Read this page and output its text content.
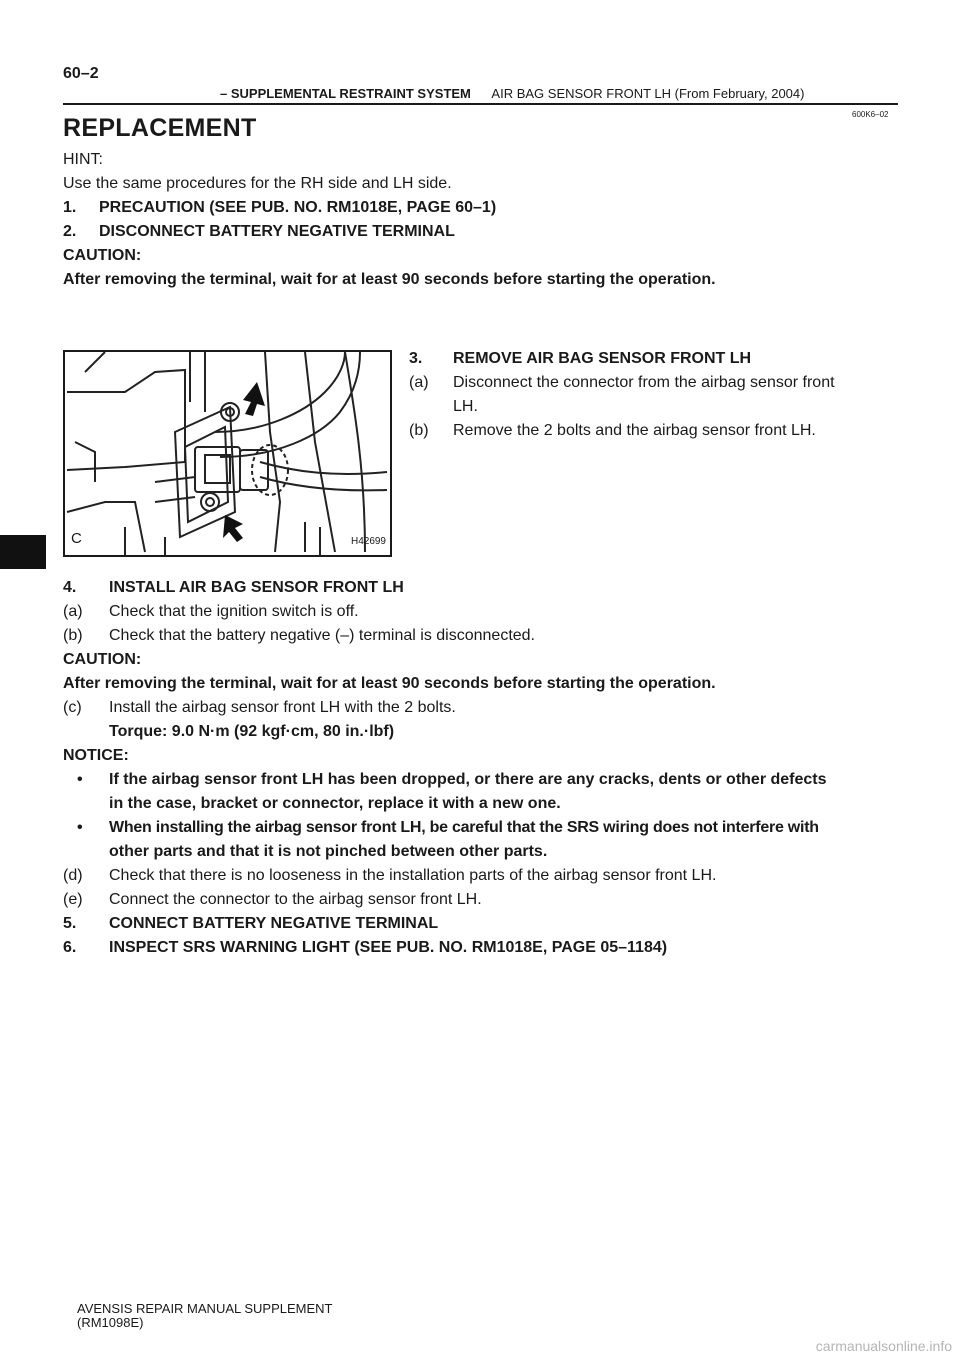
60–2
– SUPPLEMENTAL RESTRAINT SYSTEM AIR BAG SENSOR FRONT LH (From February, 2004)
600K6–02
REPLACEMENT
HINT:
Use the same procedures for the RH side and LH side.
1. PRECAUTION (SEE PUB. NO. RM1018E, PAGE 60–1)
2. DISCONNECT BATTERY NEGATIVE TERMINAL
CAUTION:
After removing the terminal, wait for at least 90 seconds before starting the operation.
C	H42699
3. REMOVE AIR BAG SENSOR FRONT LH
(a) Disconnect the connector from the airbag sensor front
LH.
(b) Remove the 2 bolts and the airbag sensor front LH.
4. INSTALL AIR BAG SENSOR FRONT LH
(a) Check that the ignition switch is off.
(b) Check that the battery negative (–) terminal is disconnected.
CAUTION:
After removing the terminal, wait for at least 90 seconds before starting the operation.
(c) Install the airbag sensor front LH with the 2 bolts.
Torque: 9.0 N·m (92 kgf·cm, 80 in.·lbf)
NOTICE:
• If the airbag sensor front LH has been dropped, or there are any cracks, dents or other defects
in the case, bracket or connector, replace it with a new one.
• When installing the airbag sensor front LH, be careful that the SRS wiring does not interfere with
other parts and that it is not pinched between other parts.
(d) Check that there is no looseness in the installation parts of the airbag sensor front LH.
(e) Connect the connector to the airbag sensor front LH.
5. CONNECT BATTERY NEGATIVE TERMINAL
6. INSPECT SRS WARNING LIGHT (SEE PUB. NO. RM1018E, PAGE 05–1184)
AVENSIS REPAIR MANUAL SUPPLEMENT
(RM1098E)
carmanualsonline.info
